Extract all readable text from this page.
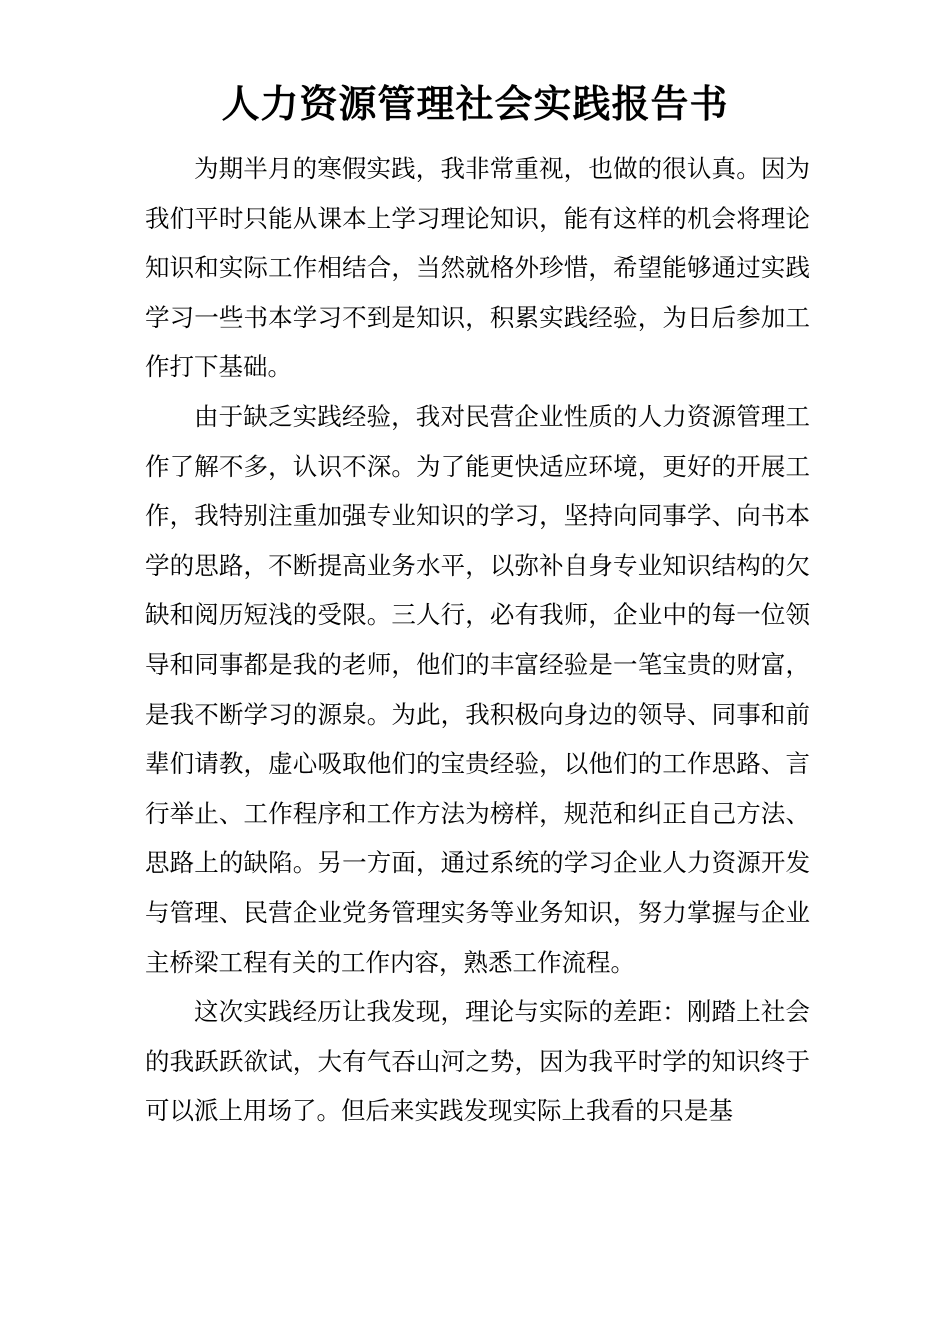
人力资源管理社会实践报告书

为期半月的寒假实践，我非常重视，也做的很认真。因为我们平时只能从课本上学习理论知识，能有这样的机会将理论知识和实际工作相结合，当然就格外珍惜，希望能够通过实践学习一些书本学习不到是知识，积累实践经验，为日后参加工作打下基础。

由于缺乏实践经验，我对民营企业性质的人力资源管理工作了解不多，认识不深。为了能更快适应环境，更好的开展工作，我特别注重加强专业知识的学习，坚持向同事学、向书本学的思路，不断提高业务水平，以弥补自身专业知识结构的欠缺和阅历短浅的受限。三人行，必有我师，企业中的每一位领导和同事都是我的老师，他们的丰富经验是一笔宝贵的财富，是我不断学习的源泉。为此，我积极向身边的领导、同事和前辈们请教，虚心吸取他们的宝贵经验，以他们的工作思路、言行举止、工作程序和工作方法为榜样，规范和纠正自己方法、思路上的缺陷。另一方面，通过系统的学习企业人力资源开发与管理、民营企业党务管理实务等业务知识，努力掌握与企业主桥梁工程有关的工作内容，熟悉工作流程。

这次实践经历让我发现，理论与实际的差距：刚踏上社会的我跃跃欲试，大有气吞山河之势，因为我平时学的知识终于可以派上用场了。但后来实践发现实际上我看的只是基
